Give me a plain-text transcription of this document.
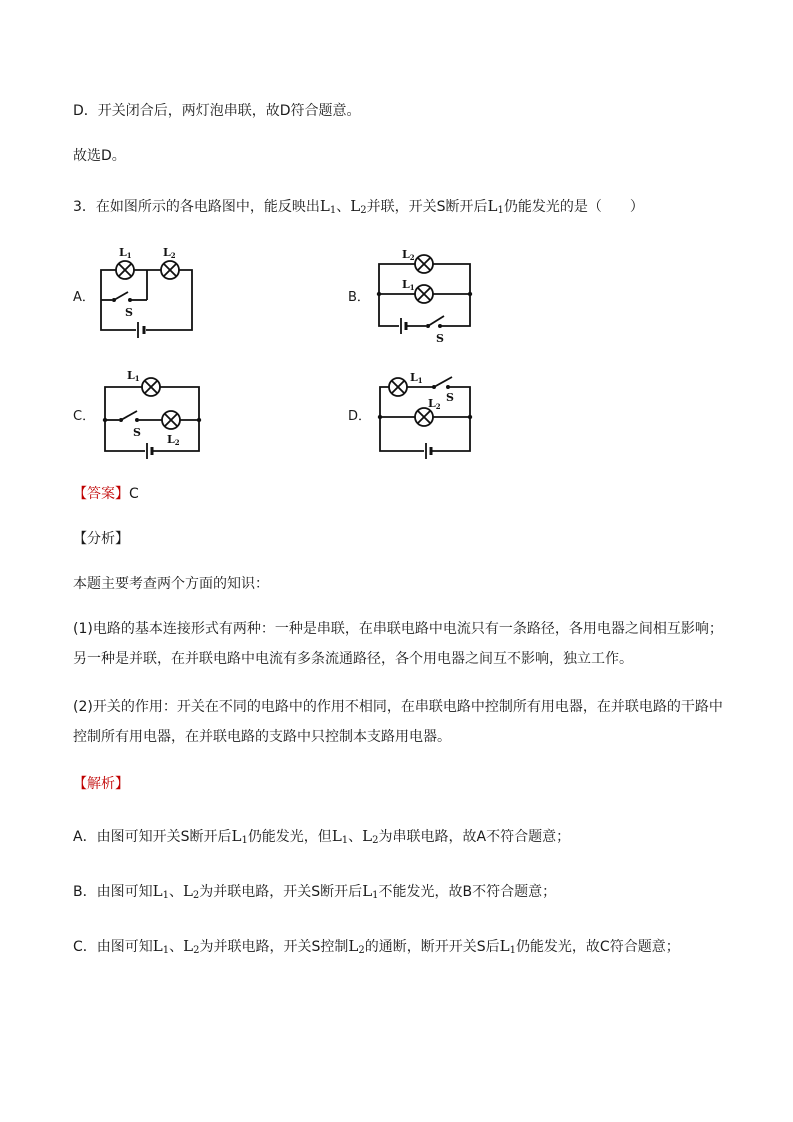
D．开关闭合后，两灯泡串联，故D符合题意。
故选D。
3．在如图所示的各电路图中，能反映出$L_1$、$L_2$并联，开关S断开后$L_1$仍能发光的是（　　）
A．	B．
C．	D．
L1	L2
S
L2
L1
S
L1
S
L2
L1
S
L2
【答案】C
【分析】
本题主要考查两个方面的知识：
(1)电路的基本连接形式有两种：一种是串联，在串联电路中电流只有一条路径，各用电器之间相互影响；另一种是并联，在并联电路中电流有多条流通路径，各个用电器之间互不影响，独立工作。
(2)开关的作用：开关在不同的电路中的作用不相同，在串联电路中控制所有用电器，在并联电路的干路中控制所有用电器，在并联电路的支路中只控制本支路用电器。
【解析】
A．由图可知开关S断开后$L_1$仍能发光，但$L_1$、$L_2$为串联电路，故A不符合题意；
B．由图可知$L_1$、$L_2$为并联电路，开关S断开后$L_1$不能发光，故B不符合题意；
C．由图可知$L_1$、$L_2$为并联电路，开关S控制$L_2$的通断，断开开关S后$L_1$仍能发光，故C符合题意；
